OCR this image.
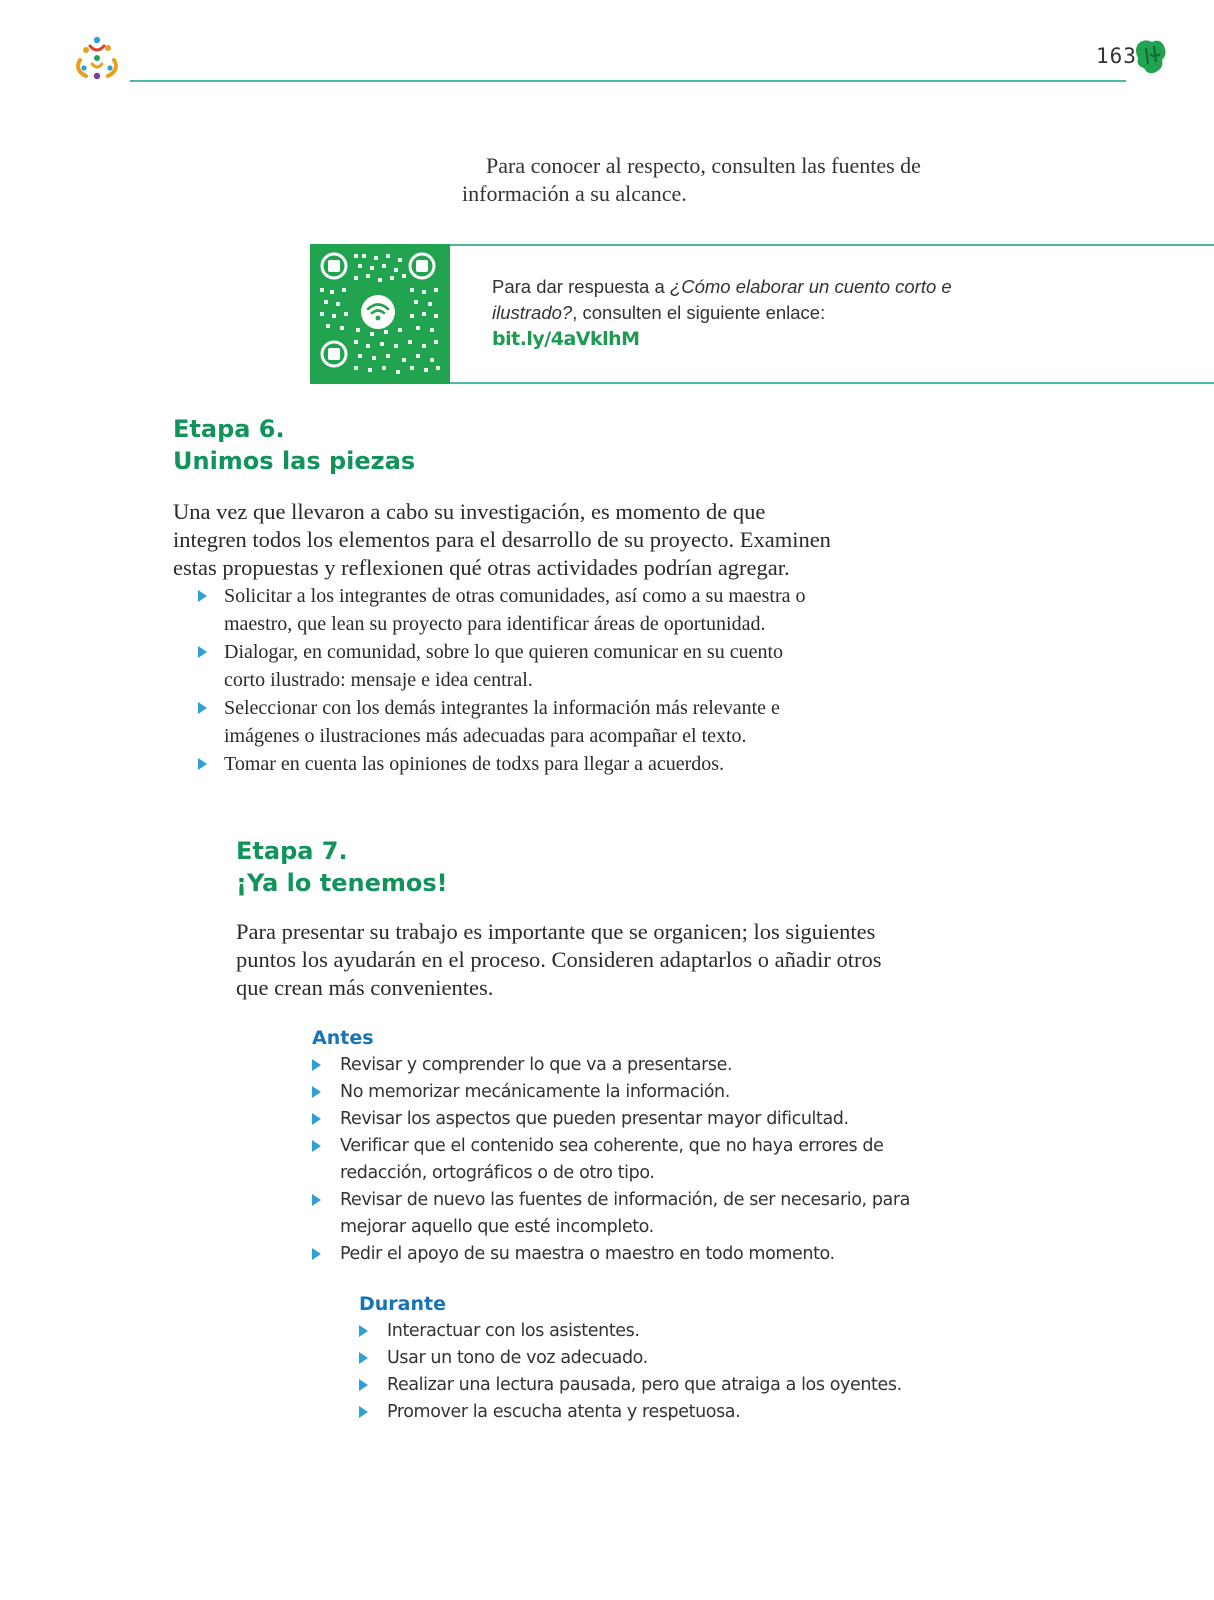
163

Para conocer al respecto, consulten las fuentes de
información a su alcance.

Para dar respuesta a ¿Cómo elaborar un cuento corto e ilustrado?, consulten el siguiente enlace:
bit.ly/4aVklhM
Etapa 6.
Unimos las piezas

Una vez que llevaron a cabo su investigación, es momento de que integren todos los elementos para el desarrollo de su proyecto. Examinen estas propuestas y reflexionen qué otras actividades podrían agregar.

Solicitar a los integrantes de otras comunidades, así como a su maestra o maestro, que lean su proyecto para identificar áreas de oportunidad.
Dialogar, en comunidad, sobre lo que quieren comunicar en su cuento corto ilustrado: mensaje e idea central.
Seleccionar con los demás integrantes la información más relevante e imágenes o ilustraciones más adecuadas para acompañar el texto.
Tomar en cuenta las opiniones de todxs para llegar a acuerdos.
Etapa 7.
¡Ya lo tenemos!

Para presentar su trabajo es importante que se organicen; los siguientes puntos los ayudarán en el proceso. Consideren adaptarlos o añadir otros que crean más convenientes.

Antes
Revisar y comprender lo que va a presentarse.
No memorizar mecánicamente la información.
Revisar los aspectos que pueden presentar mayor dificultad.
Verificar que el contenido sea coherente, que no haya errores de redacción, ortográficos o de otro tipo.
Revisar de nuevo las fuentes de información, de ser necesario, para mejorar aquello que esté incompleto.
Pedir el apoyo de su maestra o maestro en todo momento.
Durante
Interactuar con los asistentes.
Usar un tono de voz adecuado.
Realizar una lectura pausada, pero que atraiga a los oyentes.
Promover la escucha atenta y respetuosa.
